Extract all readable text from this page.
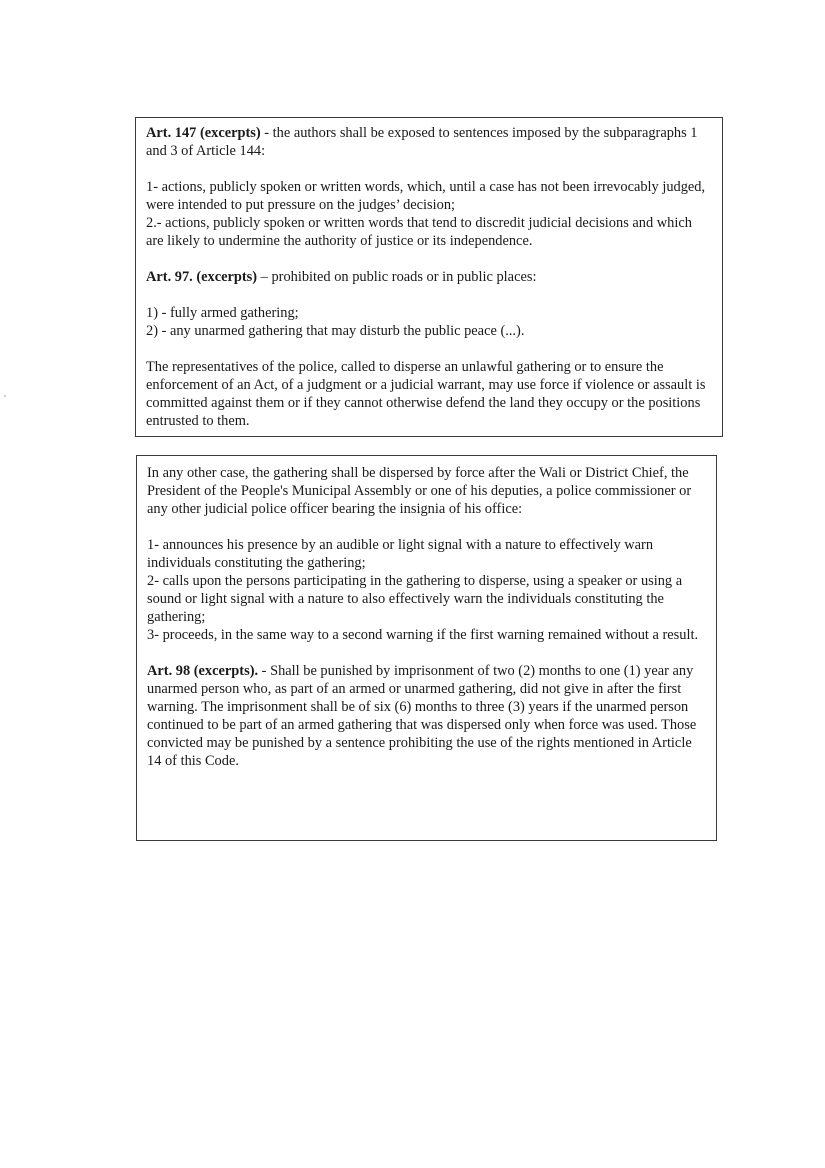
Art. 147 (excerpts) - the authors shall be exposed to sentences imposed by the subparagraphs 1 and 3 of Article 144:

1- actions, publicly spoken or written words, which, until a case has not been irrevocably judged, were intended to put pressure on the judges’ decision;
2.- actions, publicly spoken or written words that tend to discredit judicial decisions and which are likely to undermine the authority of justice or its independence.

Art. 97. (excerpts) – prohibited on public roads or in public places:

1) - fully armed gathering;
2) - any unarmed gathering that may disturb the public peace (...).

The representatives of the police, called to disperse an unlawful gathering or to ensure the enforcement of an Act, of a judgment or a judicial warrant, may use force if violence or assault is committed against them or if they cannot otherwise defend the land they occupy or the positions entrusted to them.

In any other case, the gathering shall be dispersed by force after the Wali or District Chief, the President of the People's Municipal Assembly or one of his deputies, a police commissioner or any other judicial police officer bearing the insignia of his office:

1- announces his presence by an audible or light signal with a nature to effectively warn individuals constituting the gathering;
2- calls upon the persons participating in the gathering to disperse, using a speaker or using a sound or light signal with a nature to also effectively warn the individuals constituting the gathering;
3- proceeds, in the same way to a second warning if the first warning remained without a result.

Art. 98 (excerpts). - Shall be punished by imprisonment of two (2) months to one (1) year any unarmed person who, as part of an armed or unarmed gathering, did not give in after the first warning. The imprisonment shall be of six (6) months to three (3) years if the unarmed person continued to be part of an armed gathering that was dispersed only when force was used. Those convicted may be punished by a sentence prohibiting the use of the rights mentioned in Article 14 of this Code.
